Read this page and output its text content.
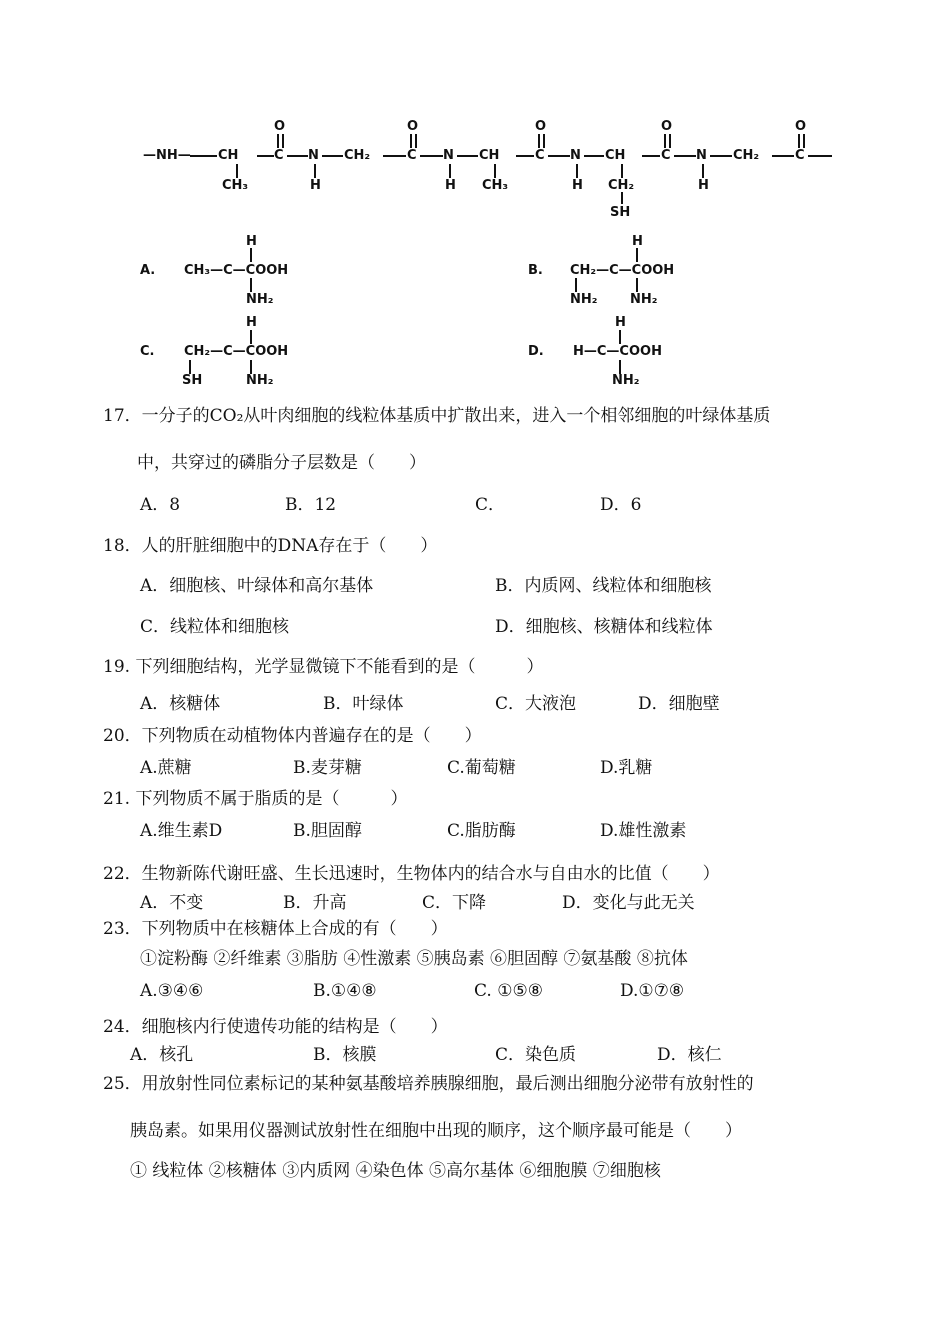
—NH— CH	C N CH₂	C N CH	C N CH	C N CH₂	C
O	O	O	O	O
CH₃	H	H CH₃	H CH₂
SH
H
A.
H
CH₃—C—COOH
NH₂
B.
H
CH₂—C—COOH
NH₂	NH₂
C.
H
CH₂—C—COOH
SH	NH₂
D.
H
H—C—COOH
NH₂
17．一分子的CO₂从叶肉细胞的线粒体基质中扩散出来，进入一个相邻细胞的叶绿体基质
中，共穿过的磷脂分子层数是（　　）
A．8	B．12	C．	D．6
18．人的肝脏细胞中的DNA存在于（　　）
A．细胞核、叶绿体和高尔基体	B．内质网、线粒体和细胞核
C．线粒体和细胞核	D．细胞核、核糖体和线粒体
19. 下列细胞结构，光学显微镜下不能看到的是（　　　）
A．核糖体	B．叶绿体	C．大液泡	D．细胞壁
20．下列物质在动植物体内普遍存在的是（　　）
A.蔗糖	B.麦芽糖	C.葡萄糖	D.乳糖
21. 下列物质不属于脂质的是（　　　）
A.维生素D	B.胆固醇	C.脂肪酶	D.雄性激素
22．生物新陈代谢旺盛、生长迅速时，生物体内的结合水与自由水的比值（　　）
A．不变	B．升高	C．下降	D．变化与此无关
23．下列物质中在核糖体上合成的有（　　）
①淀粉酶 ②纤维素 ③脂肪 ④性激素 ⑤胰岛素 ⑥胆固醇 ⑦氨基酸 ⑧抗体
A.③④⑥	B.①④⑧	C. ①⑤⑧	D.①⑦⑧
24．细胞核内行使遗传功能的结构是（　　）
A．核孔	B．核膜	C．染色质	D．核仁
25．用放射性同位素标记的某种氨基酸培养胰腺细胞，最后测出细胞分泌带有放射性的
胰岛素。如果用仪器测试放射性在细胞中出现的顺序，这个顺序最可能是（　　）
① 线粒体 ②核糖体 ③内质网 ④染色体 ⑤高尔基体 ⑥细胞膜 ⑦细胞核
